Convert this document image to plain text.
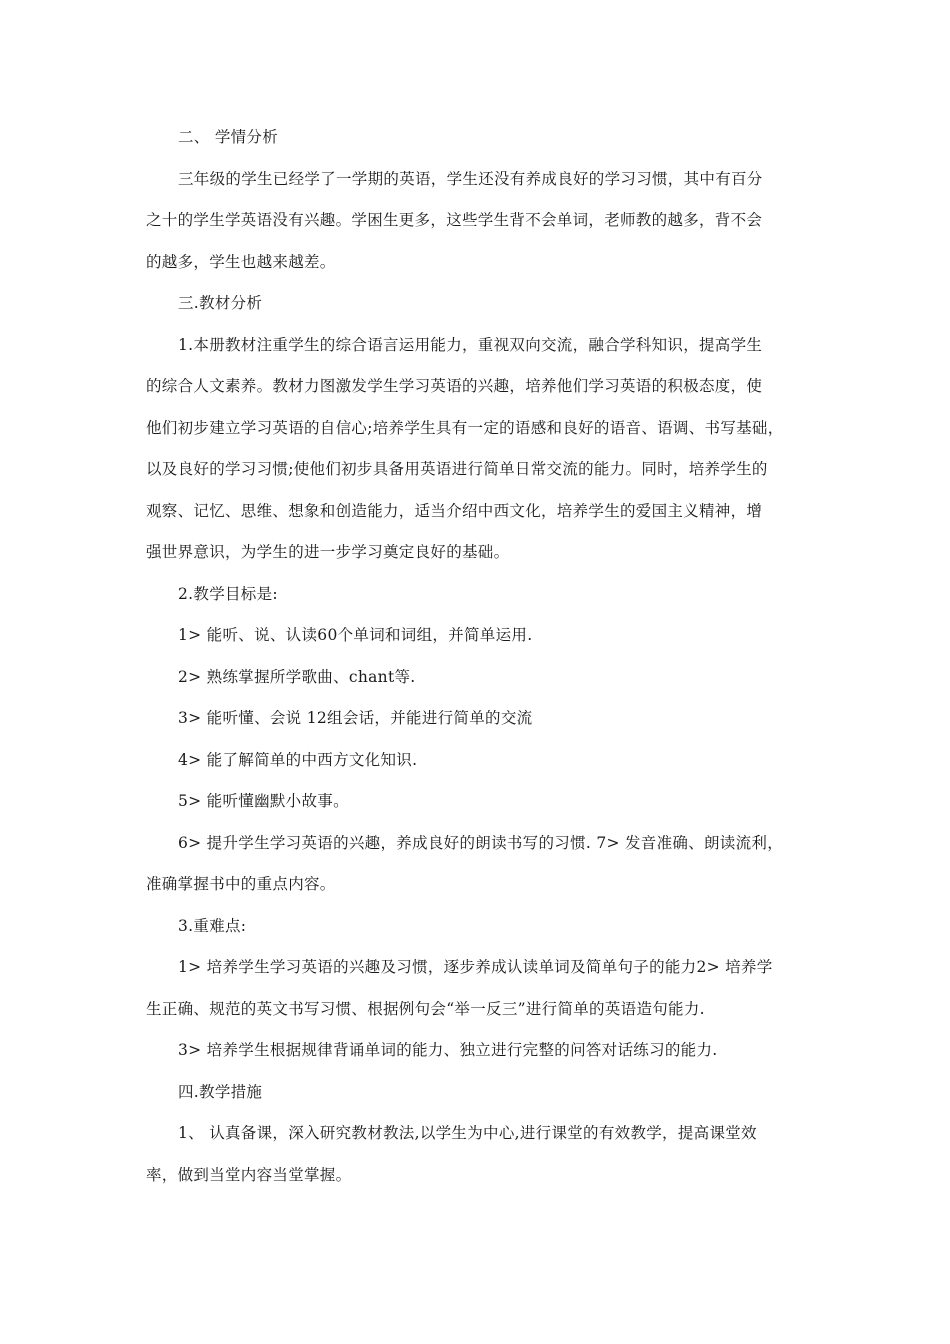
二、 学情分析

三年级的学生已经学了一学期的英语，学生还没有养成良好的学习习惯，其中有百分

之十的学生学英语没有兴趣。学困生更多，这些学生背不会单词，老师教的越多，背不会

的越多，学生也越来越差。

三.教材分析

1.本册教材注重学生的综合语言运用能力，重视双向交流，融合学科知识，提高学生

的综合人文素养。教材力图激发学生学习英语的兴趣，培养他们学习英语的积极态度，使

他们初步建立学习英语的自信心;培养学生具有一定的语感和良好的语音、语调、书写基础，

以及良好的学习习惯;使他们初步具备用英语进行简单日常交流的能力。同时，培养学生的

观察、记忆、思维、想象和创造能力，适当介绍中西文化，培养学生的爱国主义精神，增

强世界意识，为学生的进一步学习奠定良好的基础。

2.教学目标是:

1> 能听、说、认读60个单词和词组，并简单运用.

2> 熟练掌握所学歌曲、chant等.

3> 能听懂、会说 12组会话，并能进行简单的交流

4> 能了解简单的中西方文化知识.

5> 能听懂幽默小故事。

6> 提升学生学习英语的兴趣，养成良好的朗读书写的习惯. 7> 发音准确、朗读流利，

准确掌握书中的重点内容。

3.重难点:

1> 培养学生学习英语的兴趣及习惯，逐步养成认读单词及简单句子的能力2> 培养学

生正确、规范的英文书写习惯、根据例句会“举一反三”进行简单的英语造句能力.

3> 培养学生根据规律背诵单词的能力、独立进行完整的问答对话练习的能力.

四.教学措施

1、 认真备课，深入研究教材教法,以学生为中心,进行课堂的有效教学，提高课堂效

率，做到当堂内容当堂掌握。
